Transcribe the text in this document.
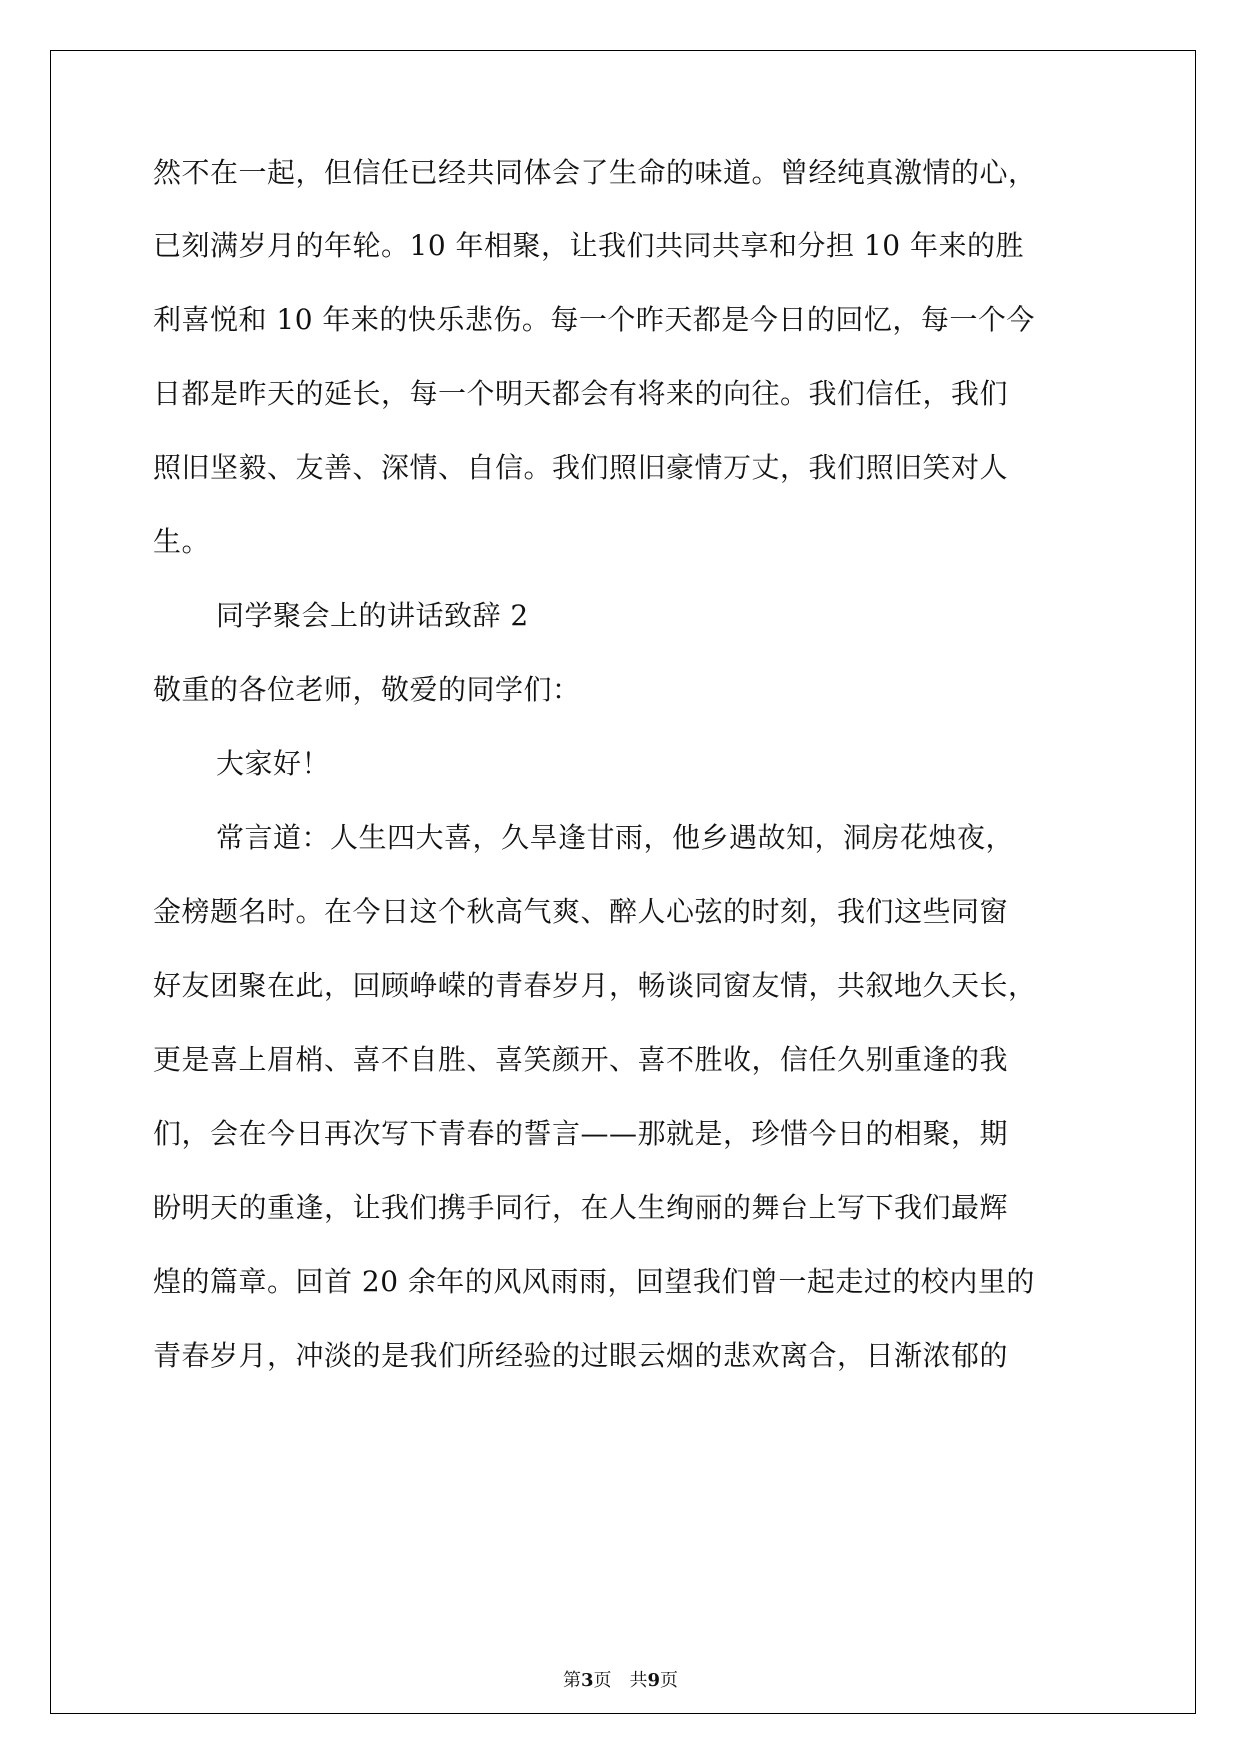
然不在一起，但信任已经共同体会了生命的味道。曾经纯真激情的心，
已刻满岁月的年轮。10 年相聚，让我们共同共享和分担 10 年来的胜
利喜悦和 10 年来的快乐悲伤。每一个昨天都是今日的回忆，每一个今
日都是昨天的延长，每一个明天都会有将来的向往。我们信任，我们
照旧坚毅、友善、深情、自信。我们照旧豪情万丈，我们照旧笑对人
生。
同学聚会上的讲话致辞 2
敬重的各位老师，敬爱的同学们：
大家好！
常言道：人生四大喜，久旱逢甘雨，他乡遇故知，洞房花烛夜，
金榜题名时。在今日这个秋高气爽、醉人心弦的时刻，我们这些同窗
好友团聚在此，回顾峥嵘的青春岁月，畅谈同窗友情，共叙地久天长，
更是喜上眉梢、喜不自胜、喜笑颜开、喜不胜收，信任久别重逢的我
们，会在今日再次写下青春的誓言——那就是，珍惜今日的相聚，期
盼明天的重逢，让我们携手同行，在人生绚丽的舞台上写下我们最辉
煌的篇章。回首 20 余年的风风雨雨，回望我们曾一起走过的校内里的
青春岁月，冲淡的是我们所经验的过眼云烟的悲欢离合，日渐浓郁的
第3页　共9页
